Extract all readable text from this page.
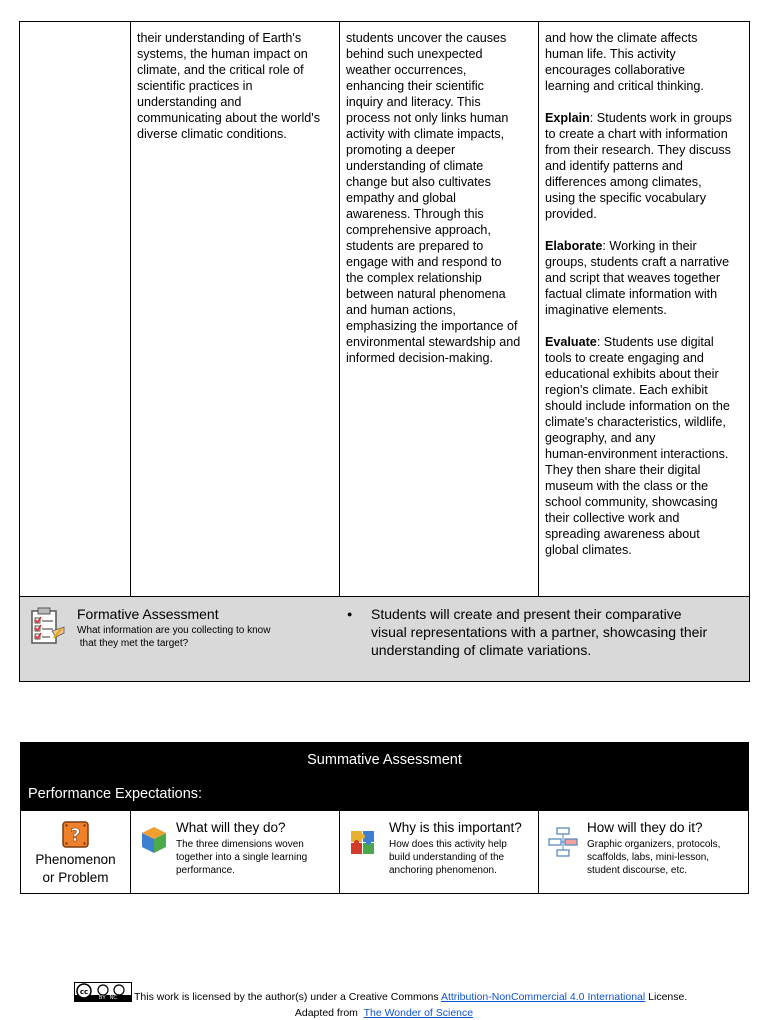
their understanding of Earth's
systems, the human impact on
climate, and the critical role of
scientific practices in
understanding and
communicating about the world's
diverse climatic conditions.
students uncover the causes
behind such unexpected
weather occurrences,
enhancing their scientific
inquiry and literacy. This
process not only links human
activity with climate impacts,
promoting a deeper
understanding of climate
change but also cultivates
empathy and global
awareness. Through this
comprehensive approach,
students are prepared to
engage with and respond to
the complex relationship
between natural phenomena
and human actions,
emphasizing the importance of
environmental stewardship and
informed decision-making.
and how the climate affects
human life. This activity
encourages collaborative
learning and critical thinking.
Explain: Students work in groups
to create a chart with information
from their research. They discuss
and identify patterns and
differences among climates,
using the specific vocabulary
provided.
Elaborate: Working in their
groups, students craft a narrative
and script that weaves together
factual climate information with
imaginative elements.
Evaluate: Students use digital
tools to create engaging and
educational exhibits about their
region's climate. Each exhibit
should include information on the
climate's characteristics, wildlife,
geography, and any
human-environment interactions.
They then share their digital
museum with the class or the
school community, showcasing
their collective work and
spreading awareness about
global climates.
Formative Assessment
What information are you collecting to know
that they met the target?
● Students will create and present their comparative
visual representations with a partner, showcasing their
understanding of climate variations.
Summative Assessment
Performance Expectations:
?
Phenomenon
or Problem
What will they do?
The three dimensions woven
together into a single learning
performance.
Why is this important?
How does this activity help
build understanding of the
anchoring phenomenon.
How will they do it?
Graphic organizers, protocols,
scaffolds, labs, mini-lesson,
student discourse, etc.
cc
BY   NC This work is licensed by the author(s) under a Creative Commons Attribution-NonCommercial 4.0 International License.
Adapted from  The Wonder of Science
